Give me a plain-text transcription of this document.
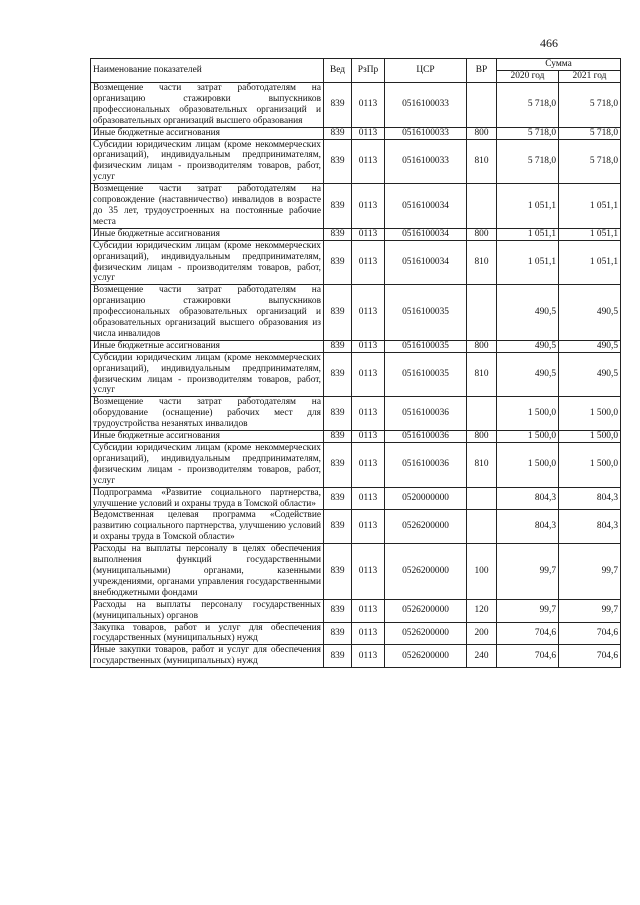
466
Наименование показателей	Вед	РзПр	ЦСР	ВР	Сумма	
					2020 год	2021 год
Возмещение части затрат работодателям на организацию стажировки выпускников профессиональных образовательных организаций и образовательных организаций высшего образования	839	0113	0516100033		5 718,0	5 718,0
Иные бюджетные ассигнования	839	0113	0516100033	800	5 718,0	5 718,0
Субсидии юридическим лицам (кроме некоммерческих организаций), индивидуальным предпринимателям, физическим лицам - производителям товаров, работ, услуг	839	0113	0516100033	810	5 718,0	5 718,0
Возмещение части затрат работодателям на сопровождение (наставничество) инвалидов в возрасте до 35 лет, трудоустроенных на постоянные рабочие места	839	0113	0516100034		1 051,1	1 051,1
Иные бюджетные ассигнования	839	0113	0516100034	800	1 051,1	1 051,1
Субсидии юридическим лицам (кроме некоммерческих организаций), индивидуальным предпринимателям, физическим лицам - производителям товаров, работ, услуг	839	0113	0516100034	810	1 051,1	1 051,1
Возмещение части затрат работодателям на организацию стажировки выпускников профессиональных образовательных организаций и образовательных организаций высшего образования из числа инвалидов	839	0113	0516100035		490,5	490,5
Иные бюджетные ассигнования	839	0113	0516100035	800	490,5	490,5
Субсидии юридическим лицам (кроме некоммерческих организаций), индивидуальным предпринимателям, физическим лицам - производителям товаров, работ, услуг	839	0113	0516100035	810	490,5	490,5
Возмещение части затрат работодателям на оборудование (оснащение) рабочих мест для трудоустройства незанятых инвалидов	839	0113	0516100036		1 500,0	1 500,0
Иные бюджетные ассигнования	839	0113	0516100036	800	1 500,0	1 500,0
Субсидии юридическим лицам (кроме некоммерческих организаций), индивидуальным предпринимателям, физическим лицам - производителям товаров, работ, услуг	839	0113	0516100036	810	1 500,0	1 500,0
Подпрограмма «Развитие социального партнерства, улучшение условий и охраны труда в Томской области»	839	0113	0520000000		804,3	804,3
Ведомственная целевая программа «Содействие развитию социального партнерства, улучшению условий и охраны труда в Томской области»	839	0113	0526200000		804,3	804,3
Расходы на выплаты персоналу в целях обеспечения выполнения функций государственными (муниципальными) органами, казенными учреждениями, органами управления государственными внебюджетными фондами	839	0113	0526200000	100	99,7	99,7
Расходы на выплаты персоналу государственных (муниципальных) органов	839	0113	0526200000	120	99,7	99,7
Закупка товаров, работ и услуг для обеспечения государственных (муниципальных) нужд	839	0113	0526200000	200	704,6	704,6
Иные закупки товаров, работ и услуг для обеспечения государственных (муниципальных) нужд	839	0113	0526200000	240	704,6	704,6
